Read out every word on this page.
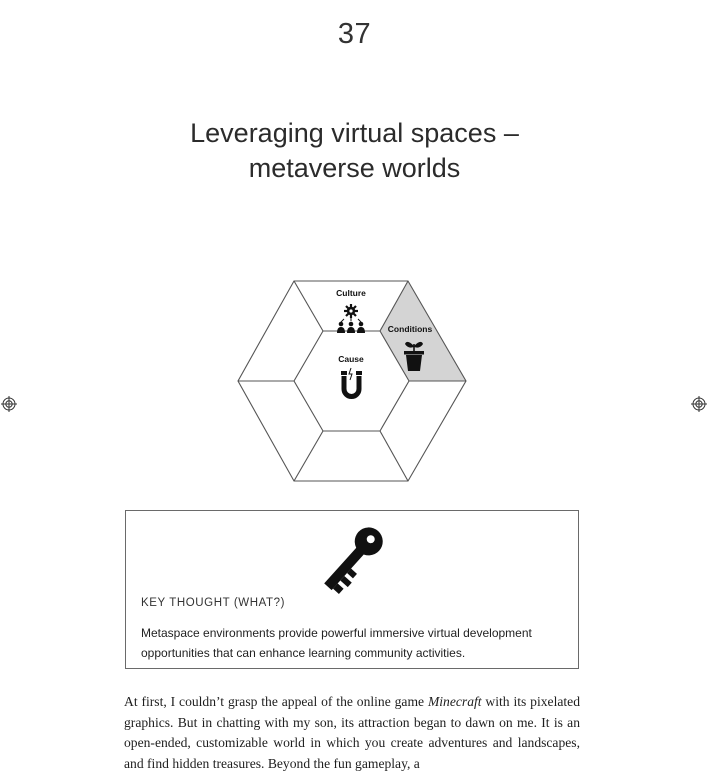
37
Leveraging virtual spaces –
metaverse worlds
Culture
Conditions
Cause
KEY THOUGHT (WHAT?)
Metaspace environments provide powerful immersive virtual development opportunities that can enhance learning community activities.

At first, I couldn’t grasp the appeal of the online game Minecraft with its pixelated graphics. But in chatting with my son, its attraction began to dawn on me. It is an open-ended, customizable world in which you create adventures and landscapes, and find hidden treasures. Beyond the fun gameplay, a
